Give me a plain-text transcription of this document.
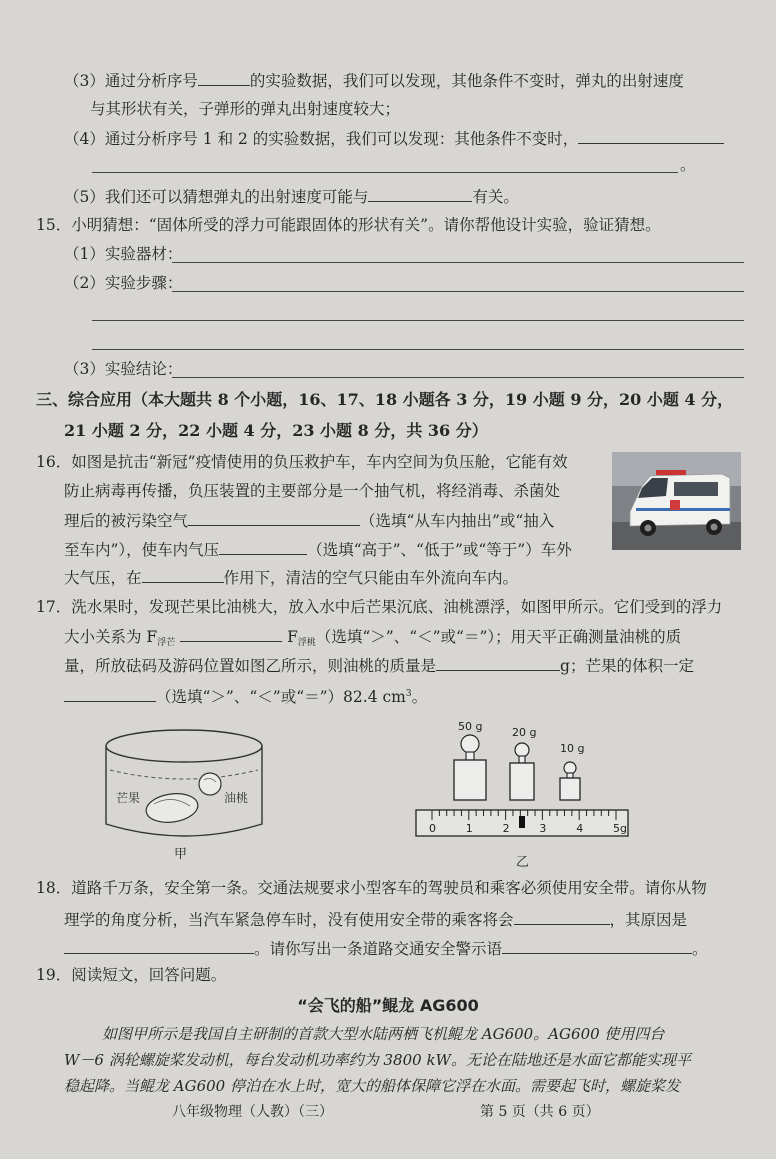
（3）通过分析序号	的实验数据，我们可以发现，其他条件不变时，弹丸的出射速度
与其形状有关，子弹形的弹丸出射速度较大；
（4）通过分析序号 1 和 2 的实验数据，我们可以发现：其他条件不变时，
。
（5）我们还可以猜想弹丸的出射速度可能与	有关。
15．小明猜想：“固体所受的浮力可能跟固体的形状有关”。请你帮他设计实验，验证猜想。
（1）实验器材：
（2）实验步骤：
（3）实验结论：
三、综合应用（本大题共 8 个小题，16、17、18 小题各 3 分，19 小题 9 分，20 小题 4 分，
21 小题 2 分，22 小题 4 分，23 小题 8 分，共 36 分）
16．如图是抗击“新冠”疫情使用的负压救护车，车内空间为负压舱，它能有效
防止病毒再传播，负压装置的主要部分是一个抽气机，将经消毒、杀菌处
理后的被污染空气	（选填“从车内抽出”或“抽入
至车内”），使车内气压	（选填“高于”、“低于”或“等于”）车外
大气压，在	作用下，清洁的空气只能由车外流向车内。
17．洗水果时，发现芒果比油桃大，放入水中后芒果沉底、油桃漂浮，如图甲所示。它们受到的浮力
大小关系为 $F_{浮芒}$	$F_{浮桃}$（选填“＞”、“＜”或“＝”）；用天平正确测量油桃的质
量，所放砝码及游码位置如图乙所示，则油桃的质量是	g；芒果的体积一定
（选填“＞”、“＜”或“＝”）82.4 $cm^3$。
芒果	油桃
甲
50 g	20 g
10 g
0	1	2	3	4	5g
乙
18．道路千万条，安全第一条。交通法规要求小型客车的驾驶员和乘客必须使用安全带。请你从物
理学的角度分析，当汽车紧急停车时，没有使用安全带的乘客将会	，其原因是
。请你写出一条道路交通安全警示语	。
19．阅读短文，回答问题。
“会飞的船”鲲龙 AG600
如图甲所示是我国自主研制的首款大型水陆两栖飞机鲲龙 AG600。AG600 使用四台
W－6 涡轮螺旋桨发动机，每台发动机功率约为 3800 kW。无论在陆地还是水面它都能实现平
稳起降。当鲲龙 AG600 停泊在水上时，宽大的船体保障它浮在水面。需要起飞时，螺旋桨发
八年级物理（人教）（三）	第 5 页（共 6 页）
